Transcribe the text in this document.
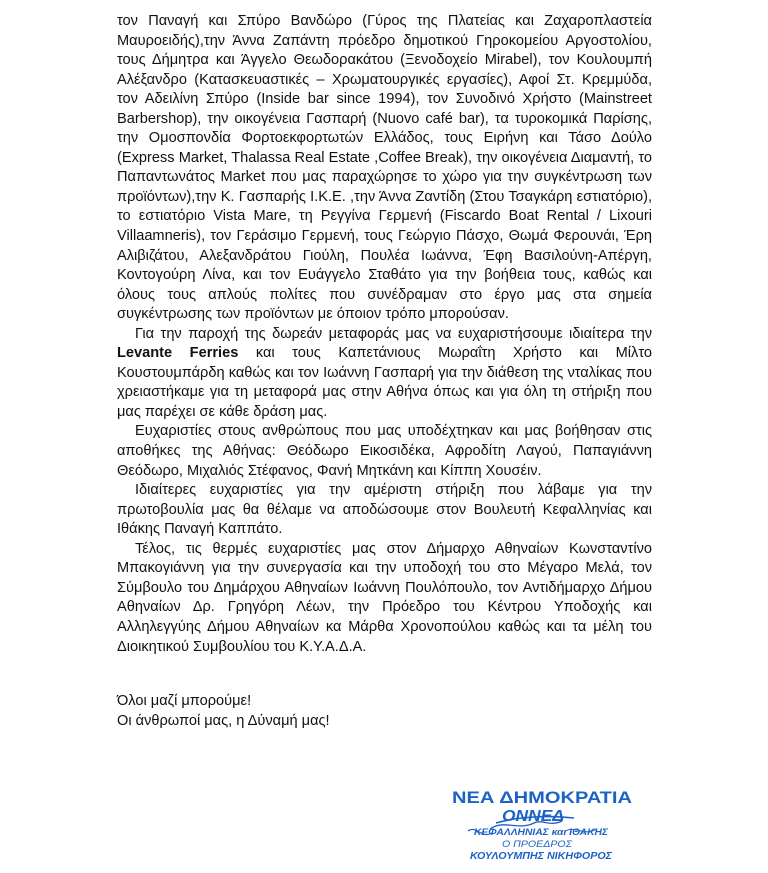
τον Παναγή και Σπύρο Βανδώρο (Γύρος της Πλατείας και Ζαχαροπλαστεία Μαυροειδής),την Άννα Ζαπάντη πρόεδρο δημοτικού Γηροκομείου Αργοστολίου, τους Δήμητρα και Άγγελο Θεωδορακάτου (Ξενοδοχείο Mirabel), τον Κουλουμπή Αλέξανδρο (Κατασκευαστικές – Χρωματουργικές εργασίες), Αφοί Στ. Κρεμμύδα, τον Αδειλίνη Σπύρο (Inside bar since 1994), τον Συνοδινό Χρήστο (Mainstreet Barbershop), την οικογένεια Γασπαρή (Nuovo café bar), τα τυροκομικά Παρίσης, την Ομοσπονδία Φορτοεκφορτωτών Ελλάδος, τους Ειρήνη και Τάσο Δούλο (Express Market, Thalassa Real Estate ,Coffee Break), την οικογένεια Διαμαντή, το Παπαντωνάτος Market που μας παραχώρησε το χώρο για την συγκέντρωση των προϊόντων),την Κ. Γασπαρής Ι.Κ.Ε. ,την Άννα Ζαντίδη (Στου Τσαγκάρη εστιατόριο), το εστιατόριο Vista Mare, τη Ρεγγίνα Γερμενή (Fiscardo Boat Rental / Lixouri Villaamneris), τον Γεράσιμο Γερμενή, τους Γεώργιο Πάσχο, Θωμά Φερουνάι, Έρη Αλιβιζάτου, Αλεξανδράτου Γιούλη, Πουλέα Ιωάννα, Έφη Βασιλούνη-Απέργη, Κοντογούρη Λίνα, και τον Ευάγγελο Σταθάτο για την βοήθεια τους, καθώς και όλους τους απλούς πολίτες που συνέδραμαν στο έργο μας στα σημεία συγκέντρωσης των προϊόντων με όποιον τρόπο μπορούσαν.

Για την παροχή της δωρεάν μεταφοράς μας να ευχαριστήσουμε ιδιαίτερα την Levante Ferries και τους Καπετάνιους Μωραΐτη Χρήστο και Μίλτο Κουστουμπάρδη καθώς και τον Ιωάννη Γασπαρή για την διάθεση της νταλίκας που χρειαστήκαμε για τη μεταφορά μας στην Αθήνα όπως και για όλη τη στήριξη που μας παρέχει σε κάθε δράση μας.

Ευχαριστίες στους ανθρώπους που μας υποδέχτηκαν και μας βοήθησαν στις αποθήκες της Αθήνας: Θεόδωρο Εικοσιδέκα, Αφροδίτη Λαγού, Παπαγιάννη Θεόδωρο, Μιχαλιός Στέφανος, Φανή Μητκάνη και Κίππη Χουσέιν.

Ιδιαίτερες ευχαριστίες για την αμέριστη στήριξη που λάβαμε για την πρωτοβουλία μας θα θέλαμε να αποδώσουμε στον Βουλευτή Κεφαλληνίας και Ιθάκης Παναγή Καππάτο.

Τέλος, τις θερμές ευχαριστίες μας στον Δήμαρχο Αθηναίων Κωνσταντίνο Μπακογιάννη για την συνεργασία και την υποδοχή του στο Μέγαρο Μελά, τον Σύμβουλο του Δημάρχου Αθηναίων Ιωάννη Πουλόπουλο, τον Αντιδήμαρχο Δήμου Αθηναίων Δρ. Γρηγόρη Λέων, την Πρόεδρο του Κέντρου Υποδοχής και Αλληλεγγύης Δήμου Αθηναίων κα Μάρθα Χρονοπούλου καθώς και τα μέλη του Διοικητικού Συμβουλίου του Κ.Υ.Α.Δ.Α.

Όλοι μαζί μπορούμε!
Οι άνθρωποί μας, η Δύναμή μας!
ΝΕΑ ΔΗΜΟΚΡΑΤΙΑ
ΟΝΝΕΔ
ΚΕΦΑΛΛΗΝΙΑΣ και ΙΘΑΚΗΣ
Ο ΠΡΟΕΔΡΟΣ
ΚΟΥΛΟΥΜΠΗΣ ΝΙΚΗΦΟΡΟΣ
